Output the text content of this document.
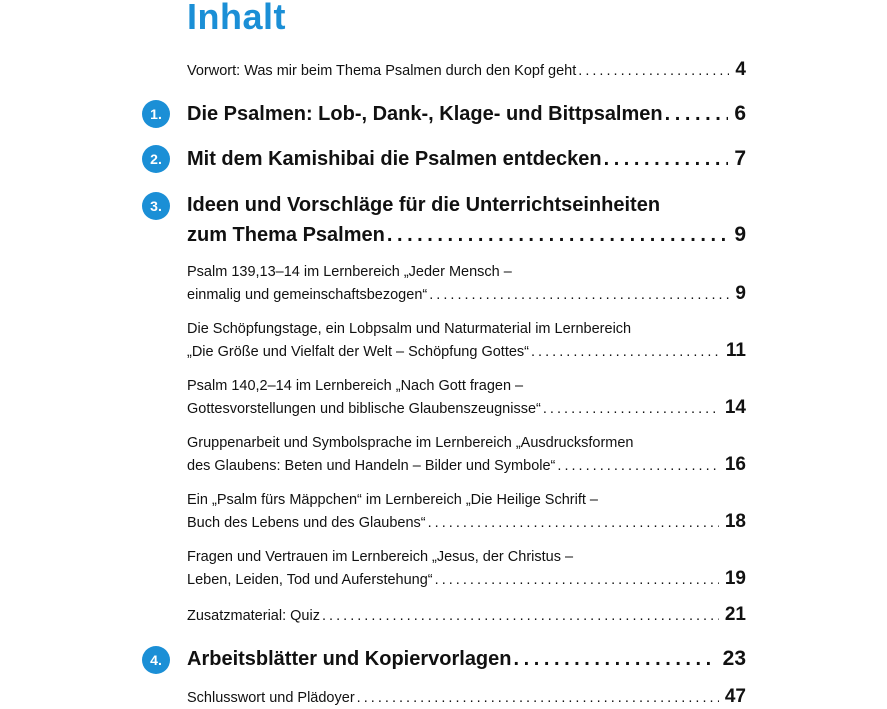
Inhalt
Vorwort: Was mir beim Thema Psalmen durch den Kopf geht . . .	4
1.	Die Psalmen: Lob-, Dank-, Klage- und Bittpsalmen . . .	6
2.	Mit dem Kamishibai die Psalmen entdecken . . .	7
3.	Ideen und Vorschläge für die Unterrichtseinheiten
zum Thema Psalmen . . .	9
Psalm 139,13–14 im Lernbereich „Jeder Mensch –
einmalig und gemeinschaftsbezogen“ . . .	9
Die Schöpfungstage, ein Lobpsalm und Naturmaterial im Lernbereich
„Die Größe und Vielfalt der Welt – Schöpfung Gottes“ . . .	11
Psalm 140,2–14 im Lernbereich „Nach Gott fragen –
Gottesvorstellungen und biblische Glaubenszeugnisse“ . . .	14
Gruppenarbeit und Symbolsprache im Lernbereich „Ausdrucksformen
des Glaubens: Beten und Handeln – Bilder und Symbole“ . . .	16
Ein „Psalm fürs Mäppchen“ im Lernbereich „Die Heilige Schrift –
Buch des Lebens und des Glaubens“ . . .	18
Fragen und Vertrauen im Lernbereich „Jesus, der Christus –
Leben, Leiden, Tod und Auferstehung“ . . .	19
Zusatzmaterial: Quiz . . .	21
4.	Arbeitsblätter und Kopiervorlagen . . .	23
Schlusswort und Plädoyer . . .	47
